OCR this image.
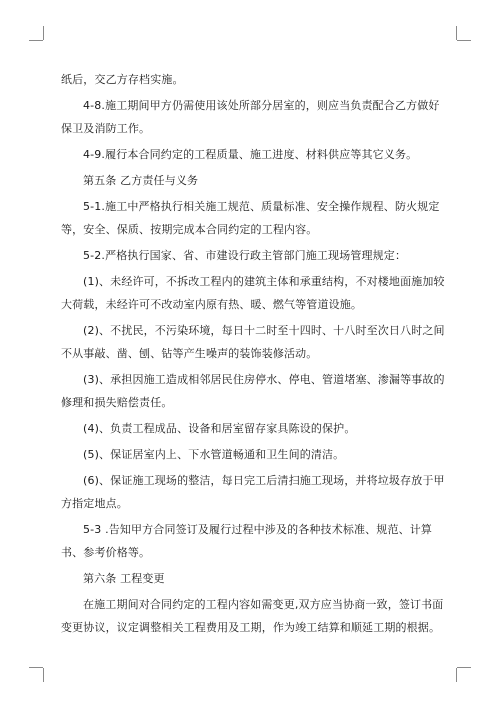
纸后，交乙方存档实施。

4-8.施工期间甲方仍需使用该处所部分居室的，则应当负责配合乙方做好保卫及消防工作。

4-9.履行本合同约定的工程质量、施工进度、材料供应等其它义务。

第五条 乙方责任与义务

5-1.施工中严格执行相关施工规范、质量标准、安全操作规程、防火规定等，安全、保质、按期完成本合同约定的工程内容。

5-2.严格执行国家、省、市建设行政主管部门施工现场管理规定：

(1)、未经许可，不拆改工程内的建筑主体和承重结构，不对楼地面施加较大荷载，未经许可不改动室内原有热、暖、燃气等管道设施。

(2)、不扰民，不污染环境，每日十二时至十四时、十八时至次日八时之间不从事敲、凿、刨、钻等产生噪声的装饰装修活动。

(3)、承担因施工造成相邻居民住房停水、停电、管道堵塞、渗漏等事故的修理和损失赔偿责任。

(4)、负责工程成品、设备和居室留存家具陈设的保护。

(5)、保证居室内上、下水管道畅通和卫生间的清洁。

(6)、保证施工现场的整洁，每日完工后清扫施工现场，并将垃圾存放于甲方指定地点。

5-3 .告知甲方合同签订及履行过程中涉及的各种技术标准、规范、计算书、参考价格等。

第六条 工程变更

在施工期间对合同约定的工程内容如需变更,双方应当协商一致，签订书面变更协议，议定调整相关工程费用及工期，作为竣工结算和顺延工期的根据。
